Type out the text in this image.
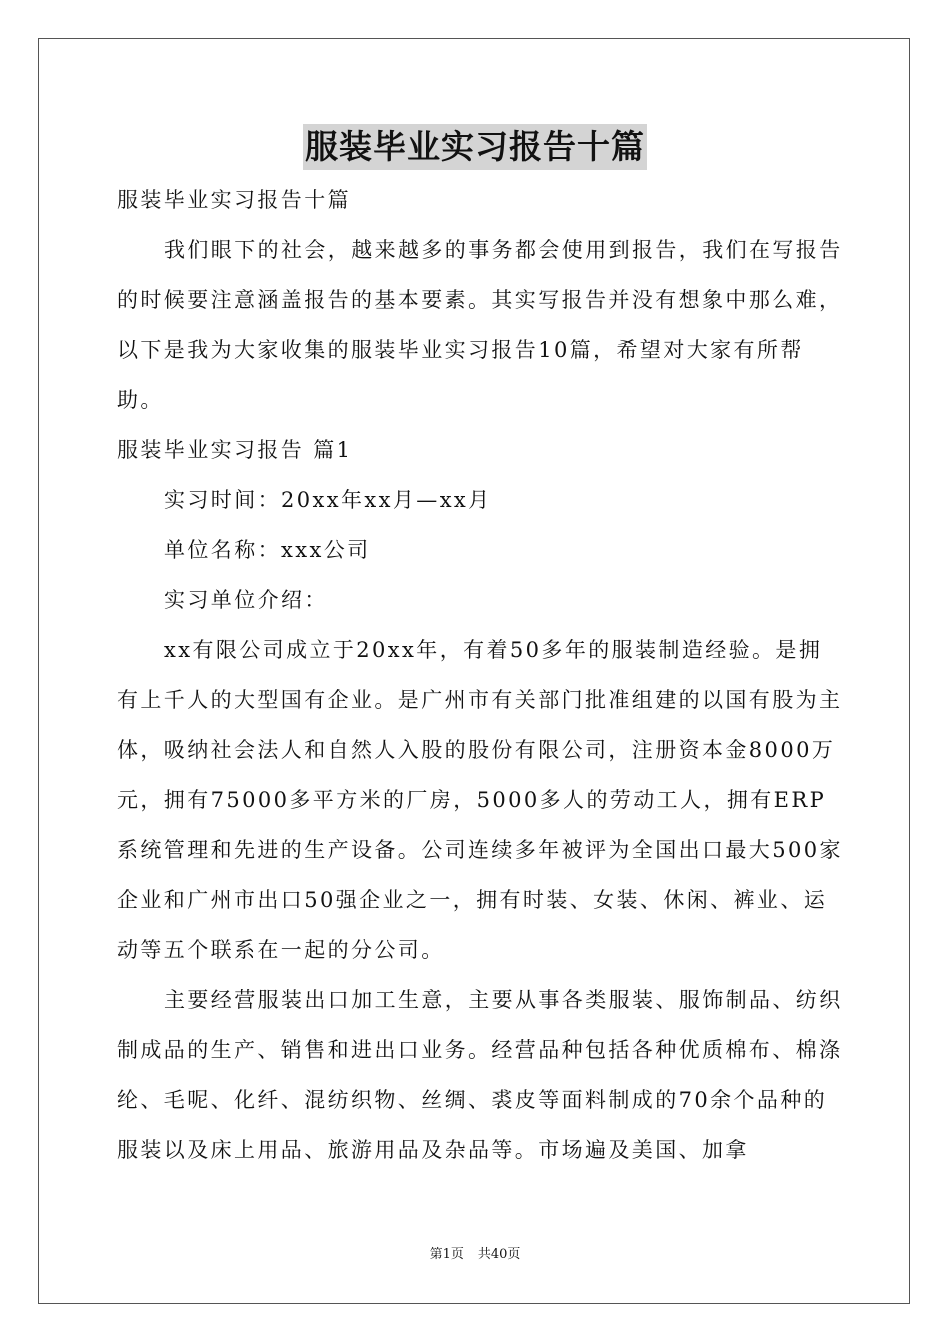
服装毕业实习报告十篇

服装毕业实习报告十篇

我们眼下的社会，越来越多的事务都会使用到报告，我们在写报告的时候要注意涵盖报告的基本要素。其实写报告并没有想象中那么难，以下是我为大家收集的服装毕业实习报告10篇，希望对大家有所帮助。

服装毕业实习报告 篇1

实习时间：20xx年xx月—xx月

单位名称：xxx公司

实习单位介绍：

xx有限公司成立于20xx年，有着50多年的服装制造经验。是拥有上千人的大型国有企业。是广州市有关部门批准组建的以国有股为主体，吸纳社会法人和自然人入股的股份有限公司，注册资本金8000万元，拥有75000多平方米的厂房，5000多人的劳动工人，拥有ERP系统管理和先进的生产设备。公司连续多年被评为全国出口最大500家企业和广州市出口50强企业之一，拥有时装、女装、休闲、裤业、运动等五个联系在一起的分公司。

主要经营服装出口加工生意，主要从事各类服装、服饰制品、纺织制成品的生产、销售和进出口业务。经营品种包括各种优质棉布、棉涤纶、毛呢、化纤、混纺织物、丝绸、裘皮等面料制成的70余个品种的服装以及床上用品、旅游用品及杂品等。市场遍及美国、加拿

第1页 共40页
